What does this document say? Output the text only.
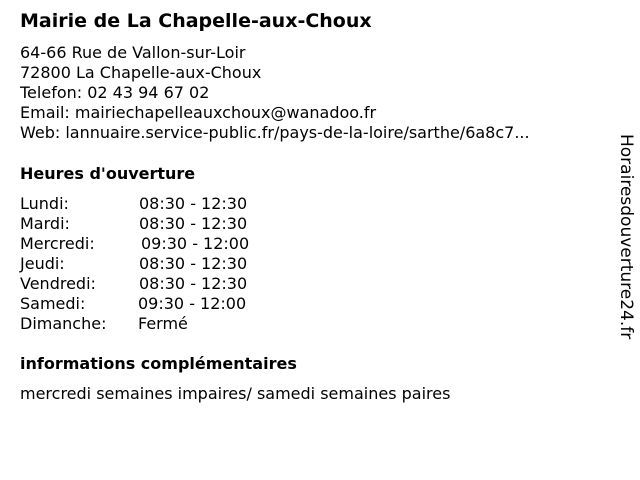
Mairie de La Chapelle-aux-Choux
64-66 Rue de Vallon-sur-Loir
72800 La Chapelle-aux-Choux
Telefon: 02 43 94 67 02
Email: mairiechapelleauxchoux@wanadoo.fr
Web: lannuaire.service-public.fr/pays-de-la-loire/sarthe/6a8c7...
Heures d'ouverture
Lundi:	08:30 - 12:30
Mardi:	08:30 - 12:30
Mercredi:	09:30 - 12:00
Jeudi:	08:30 - 12:30
Vendredi:	08:30 - 12:30
Samedi:	09:30 - 12:00
Dimanche: Fermé
informations complémentaires
mercredi semaines impaires/ samedi semaines paires
Horairesdouverture24.fr
